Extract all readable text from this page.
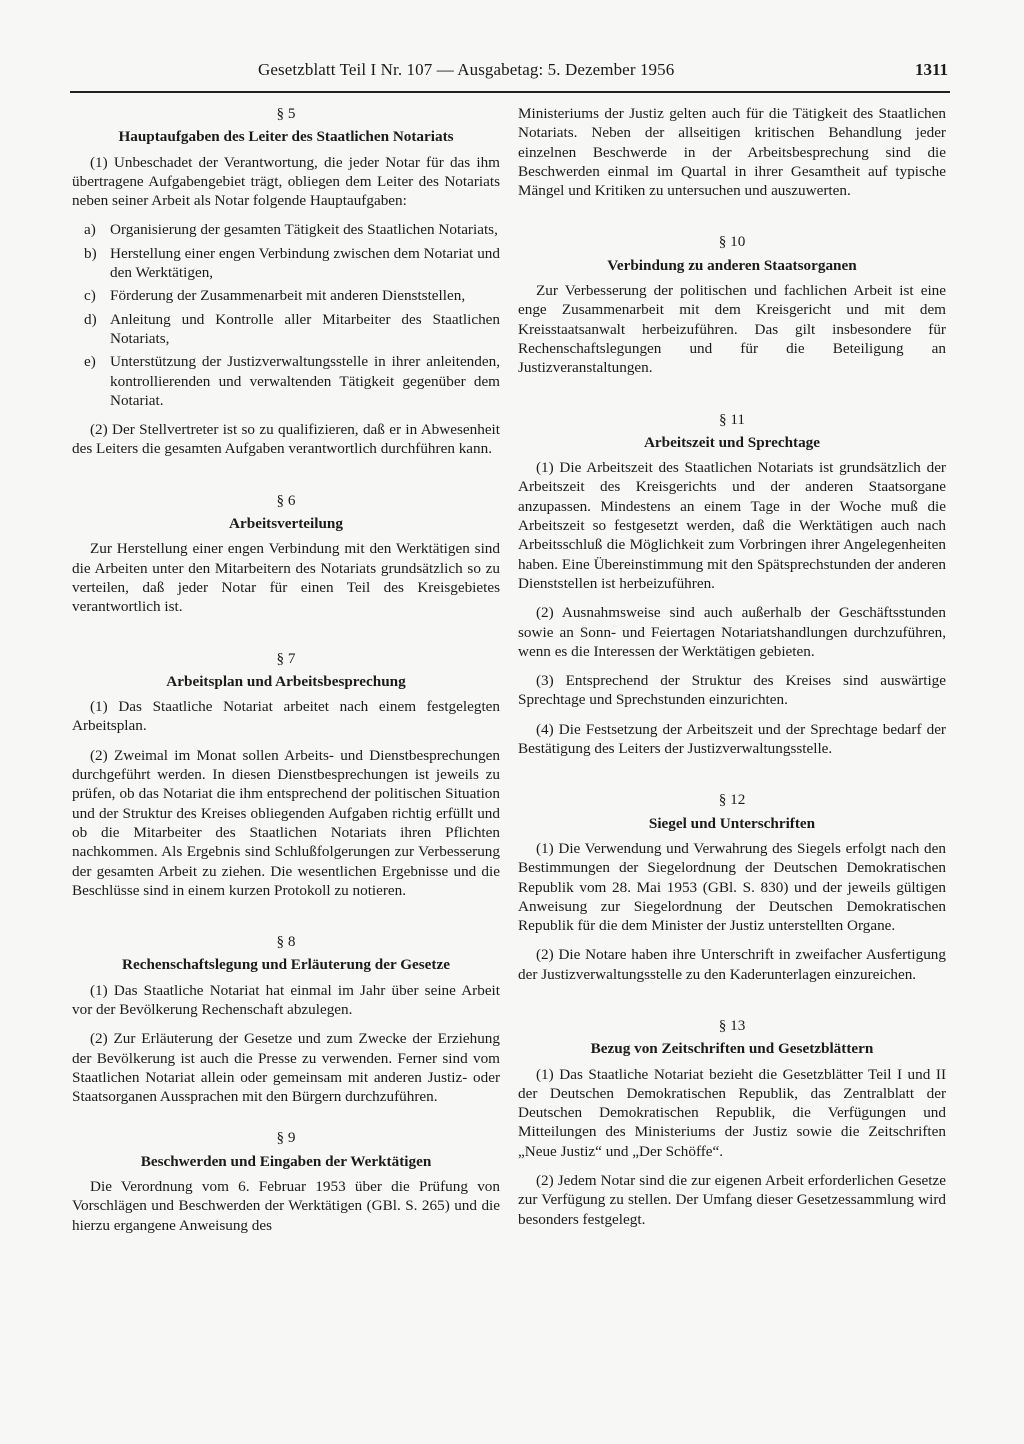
Gesetzblatt Teil I Nr. 107 — Ausgabetag: 5. Dezember 1956	1311

§ 5

Hauptaufgaben des Leiter des Staatlichen Notariats

(1) Unbeschadet der Verantwortung, die jeder Notar für das ihm übertragene Aufgabengebiet trägt, obliegen dem Leiter des Notariats neben seiner Arbeit als Notar folgende Hauptaufgaben:

a) Organisierung der gesamten Tätigkeit des Staatlichen Notariats,
b) Herstellung einer engen Verbindung zwischen dem Notariat und den Werktätigen,
c) Förderung der Zusammenarbeit mit anderen Dienststellen,
d) Anleitung und Kontrolle aller Mitarbeiter des Staatlichen Notariats,
e) Unterstützung der Justizverwaltungsstelle in ihrer anleitenden, kontrollierenden und verwaltenden Tätigkeit gegenüber dem Notariat.

(2) Der Stellvertreter ist so zu qualifizieren, daß er in Abwesenheit des Leiters die gesamten Aufgaben verantwortlich durchführen kann.

§ 6

Arbeitsverteilung

Zur Herstellung einer engen Verbindung mit den Werktätigen sind die Arbeiten unter den Mitarbeitern des Notariats grundsätzlich so zu verteilen, daß jeder Notar für einen Teil des Kreisgebietes verantwortlich ist.

§ 7

Arbeitsplan und Arbeitsbesprechung

(1) Das Staatliche Notariat arbeitet nach einem festgelegten Arbeitsplan.

(2) Zweimal im Monat sollen Arbeits- und Dienstbesprechungen durchgeführt werden. In diesen Dienstbesprechungen ist jeweils zu prüfen, ob das Notariat die ihm entsprechend der politischen Situation und der Struktur des Kreises obliegenden Aufgaben richtig erfüllt und ob die Mitarbeiter des Staatlichen Notariats ihren Pflichten nachkommen. Als Ergebnis sind Schlußfolgerungen zur Verbesserung der gesamten Arbeit zu ziehen. Die wesentlichen Ergebnisse und die Beschlüsse sind in einem kurzen Protokoll zu notieren.

§ 8

Rechenschaftslegung und Erläuterung der Gesetze

(1) Das Staatliche Notariat hat einmal im Jahr über seine Arbeit vor der Bevölkerung Rechenschaft abzulegen.

(2) Zur Erläuterung der Gesetze und zum Zwecke der Erziehung der Bevölkerung ist auch die Presse zu verwenden. Ferner sind vom Staatlichen Notariat allein oder gemeinsam mit anderen Justiz- oder Staatsorganen Aussprachen mit den Bürgern durchzuführen.

§ 9

Beschwerden und Eingaben der Werktätigen

Die Verordnung vom 6. Februar 1953 über die Prüfung von Vorschlägen und Beschwerden der Werktätigen (GBl. S. 265) und die hierzu ergangene Anweisung des

Ministeriums der Justiz gelten auch für die Tätigkeit des Staatlichen Notariats. Neben der allseitigen kritischen Behandlung jeder einzelnen Beschwerde in der Arbeitsbesprechung sind die Beschwerden einmal im Quartal in ihrer Gesamtheit auf typische Mängel und Kritiken zu untersuchen und auszuwerten.

§ 10

Verbindung zu anderen Staatsorganen

Zur Verbesserung der politischen und fachlichen Arbeit ist eine enge Zusammenarbeit mit dem Kreisgericht und mit dem Kreisstaatsanwalt herbeizuführen. Das gilt insbesondere für Rechenschaftslegungen und für die Beteiligung an Justizveranstaltungen.

§ 11

Arbeitszeit und Sprechtage

(1) Die Arbeitszeit des Staatlichen Notariats ist grundsätzlich der Arbeitszeit des Kreisgerichts und der anderen Staatsorgane anzupassen. Mindestens an einem Tage in der Woche muß die Arbeitszeit so festgesetzt werden, daß die Werktätigen auch nach Arbeitsschluß die Möglichkeit zum Vorbringen ihrer Angelegenheiten haben. Eine Übereinstimmung mit den Spätsprechstunden der anderen Dienststellen ist herbeizuführen.

(2) Ausnahmsweise sind auch außerhalb der Geschäftsstunden sowie an Sonn- und Feiertagen Notariatshandlungen durchzuführen, wenn es die Interessen der Werktätigen gebieten.

(3) Entsprechend der Struktur des Kreises sind auswärtige Sprechtage und Sprechstunden einzurichten.

(4) Die Festsetzung der Arbeitszeit und der Sprechtage bedarf der Bestätigung des Leiters der Justizverwaltungsstelle.

§ 12

Siegel und Unterschriften

(1) Die Verwendung und Verwahrung des Siegels erfolgt nach den Bestimmungen der Siegelordnung der Deutschen Demokratischen Republik vom 28. Mai 1953 (GBl. S. 830) und der jeweils gültigen Anweisung zur Siegelordnung der Deutschen Demokratischen Republik für die dem Minister der Justiz unterstellten Organe.

(2) Die Notare haben ihre Unterschrift in zweifacher Ausfertigung der Justizverwaltungsstelle zu den Kaderunterlagen einzureichen.

§ 13

Bezug von Zeitschriften und Gesetzblättern

(1) Das Staatliche Notariat bezieht die Gesetzblätter Teil I und II der Deutschen Demokratischen Republik, das Zentralblatt der Deutschen Demokratischen Republik, die Verfügungen und Mitteilungen des Ministeriums der Justiz sowie die Zeitschriften „Neue Justiz“ und „Der Schöffe“.

(2) Jedem Notar sind die zur eigenen Arbeit erforderlichen Gesetze zur Verfügung zu stellen. Der Umfang dieser Gesetzessammlung wird besonders festgelegt.
